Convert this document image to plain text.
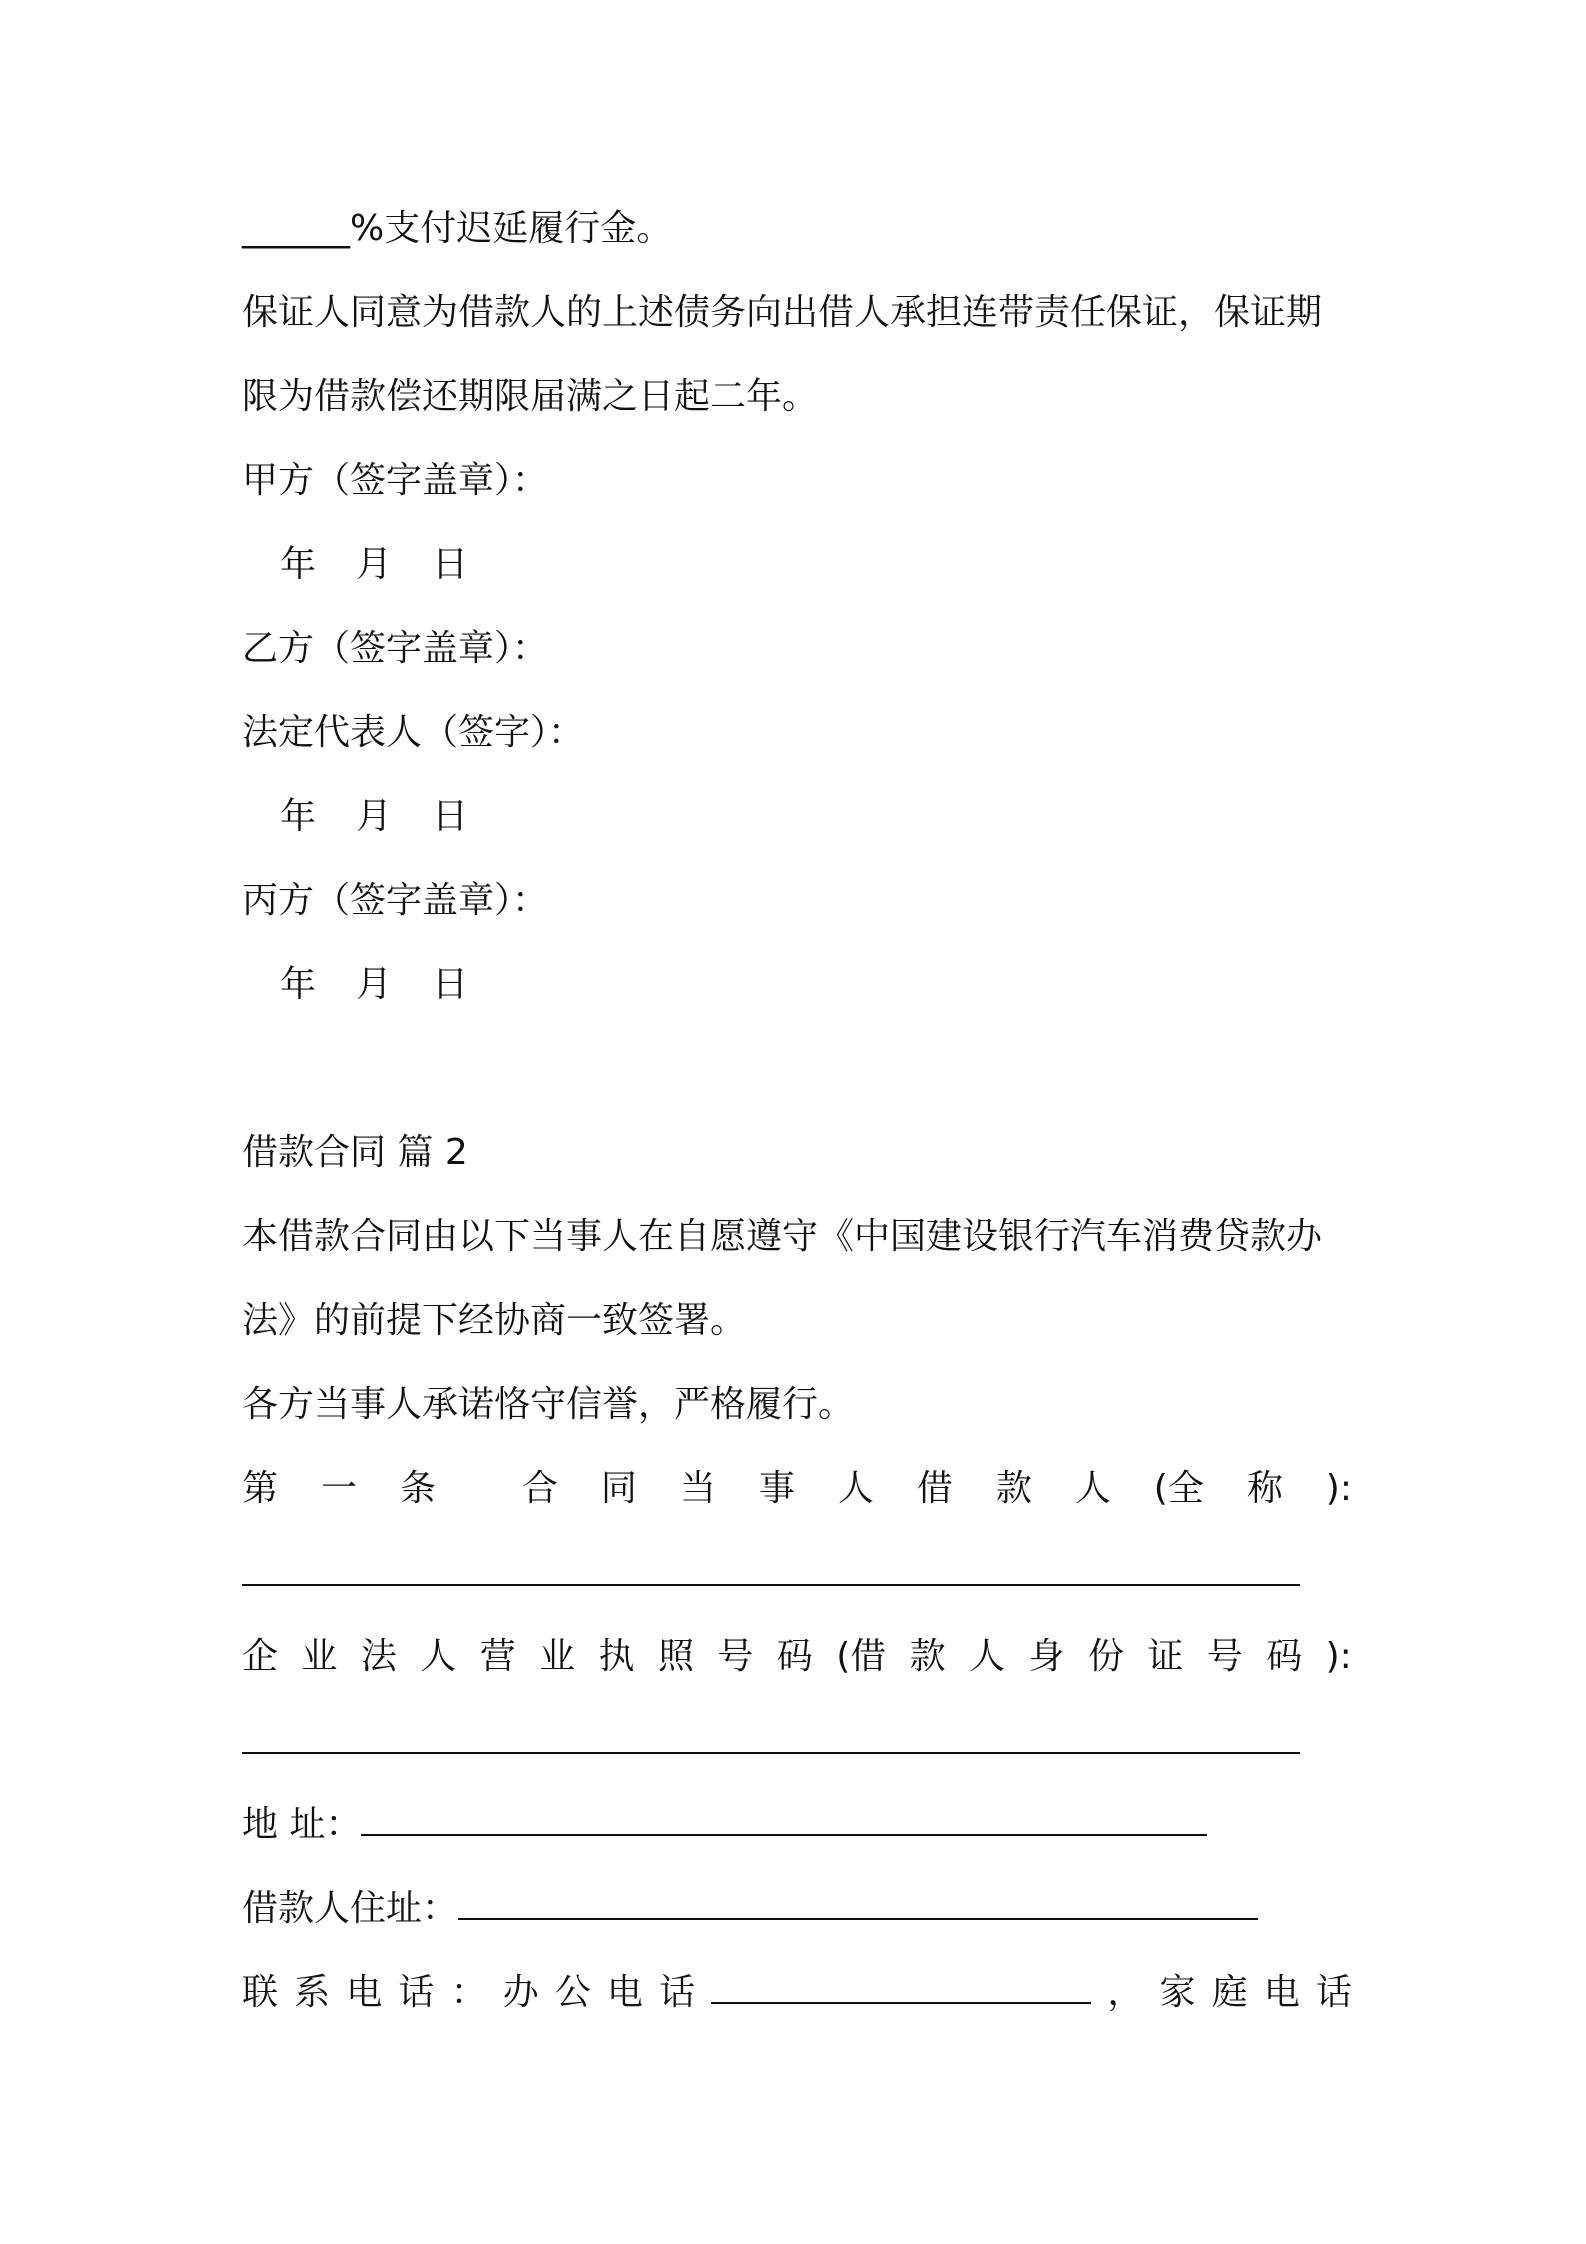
______%支付迟延履行金。
保证人同意为借款人的上述债务向出借人承担连带责任保证，保证期
限为借款偿还期限届满之日起二年。
甲方（签字盖章）：
年 月 日
乙方（签字盖章）：
法定代表人（签字）：
年 月 日
丙方（签字盖章）：
年 月 日
借款合同 篇 2
本借款合同由以下当事人在自愿遵守《中国建设银行汽车消费贷款办
法》的前提下经协商一致签署。
各方当事人承诺恪守信誉，严格履行。
第 一 条 合 同 当 事 人 借 款 人 (全 称 ):
企 业 法 人 营 业 执 照 号 码 (借 款 人 身 份 证 号 码 ):
地 址：
借款人住址：
联 系 电 话 ： 办 公 电 话	， 家 庭 电 话
